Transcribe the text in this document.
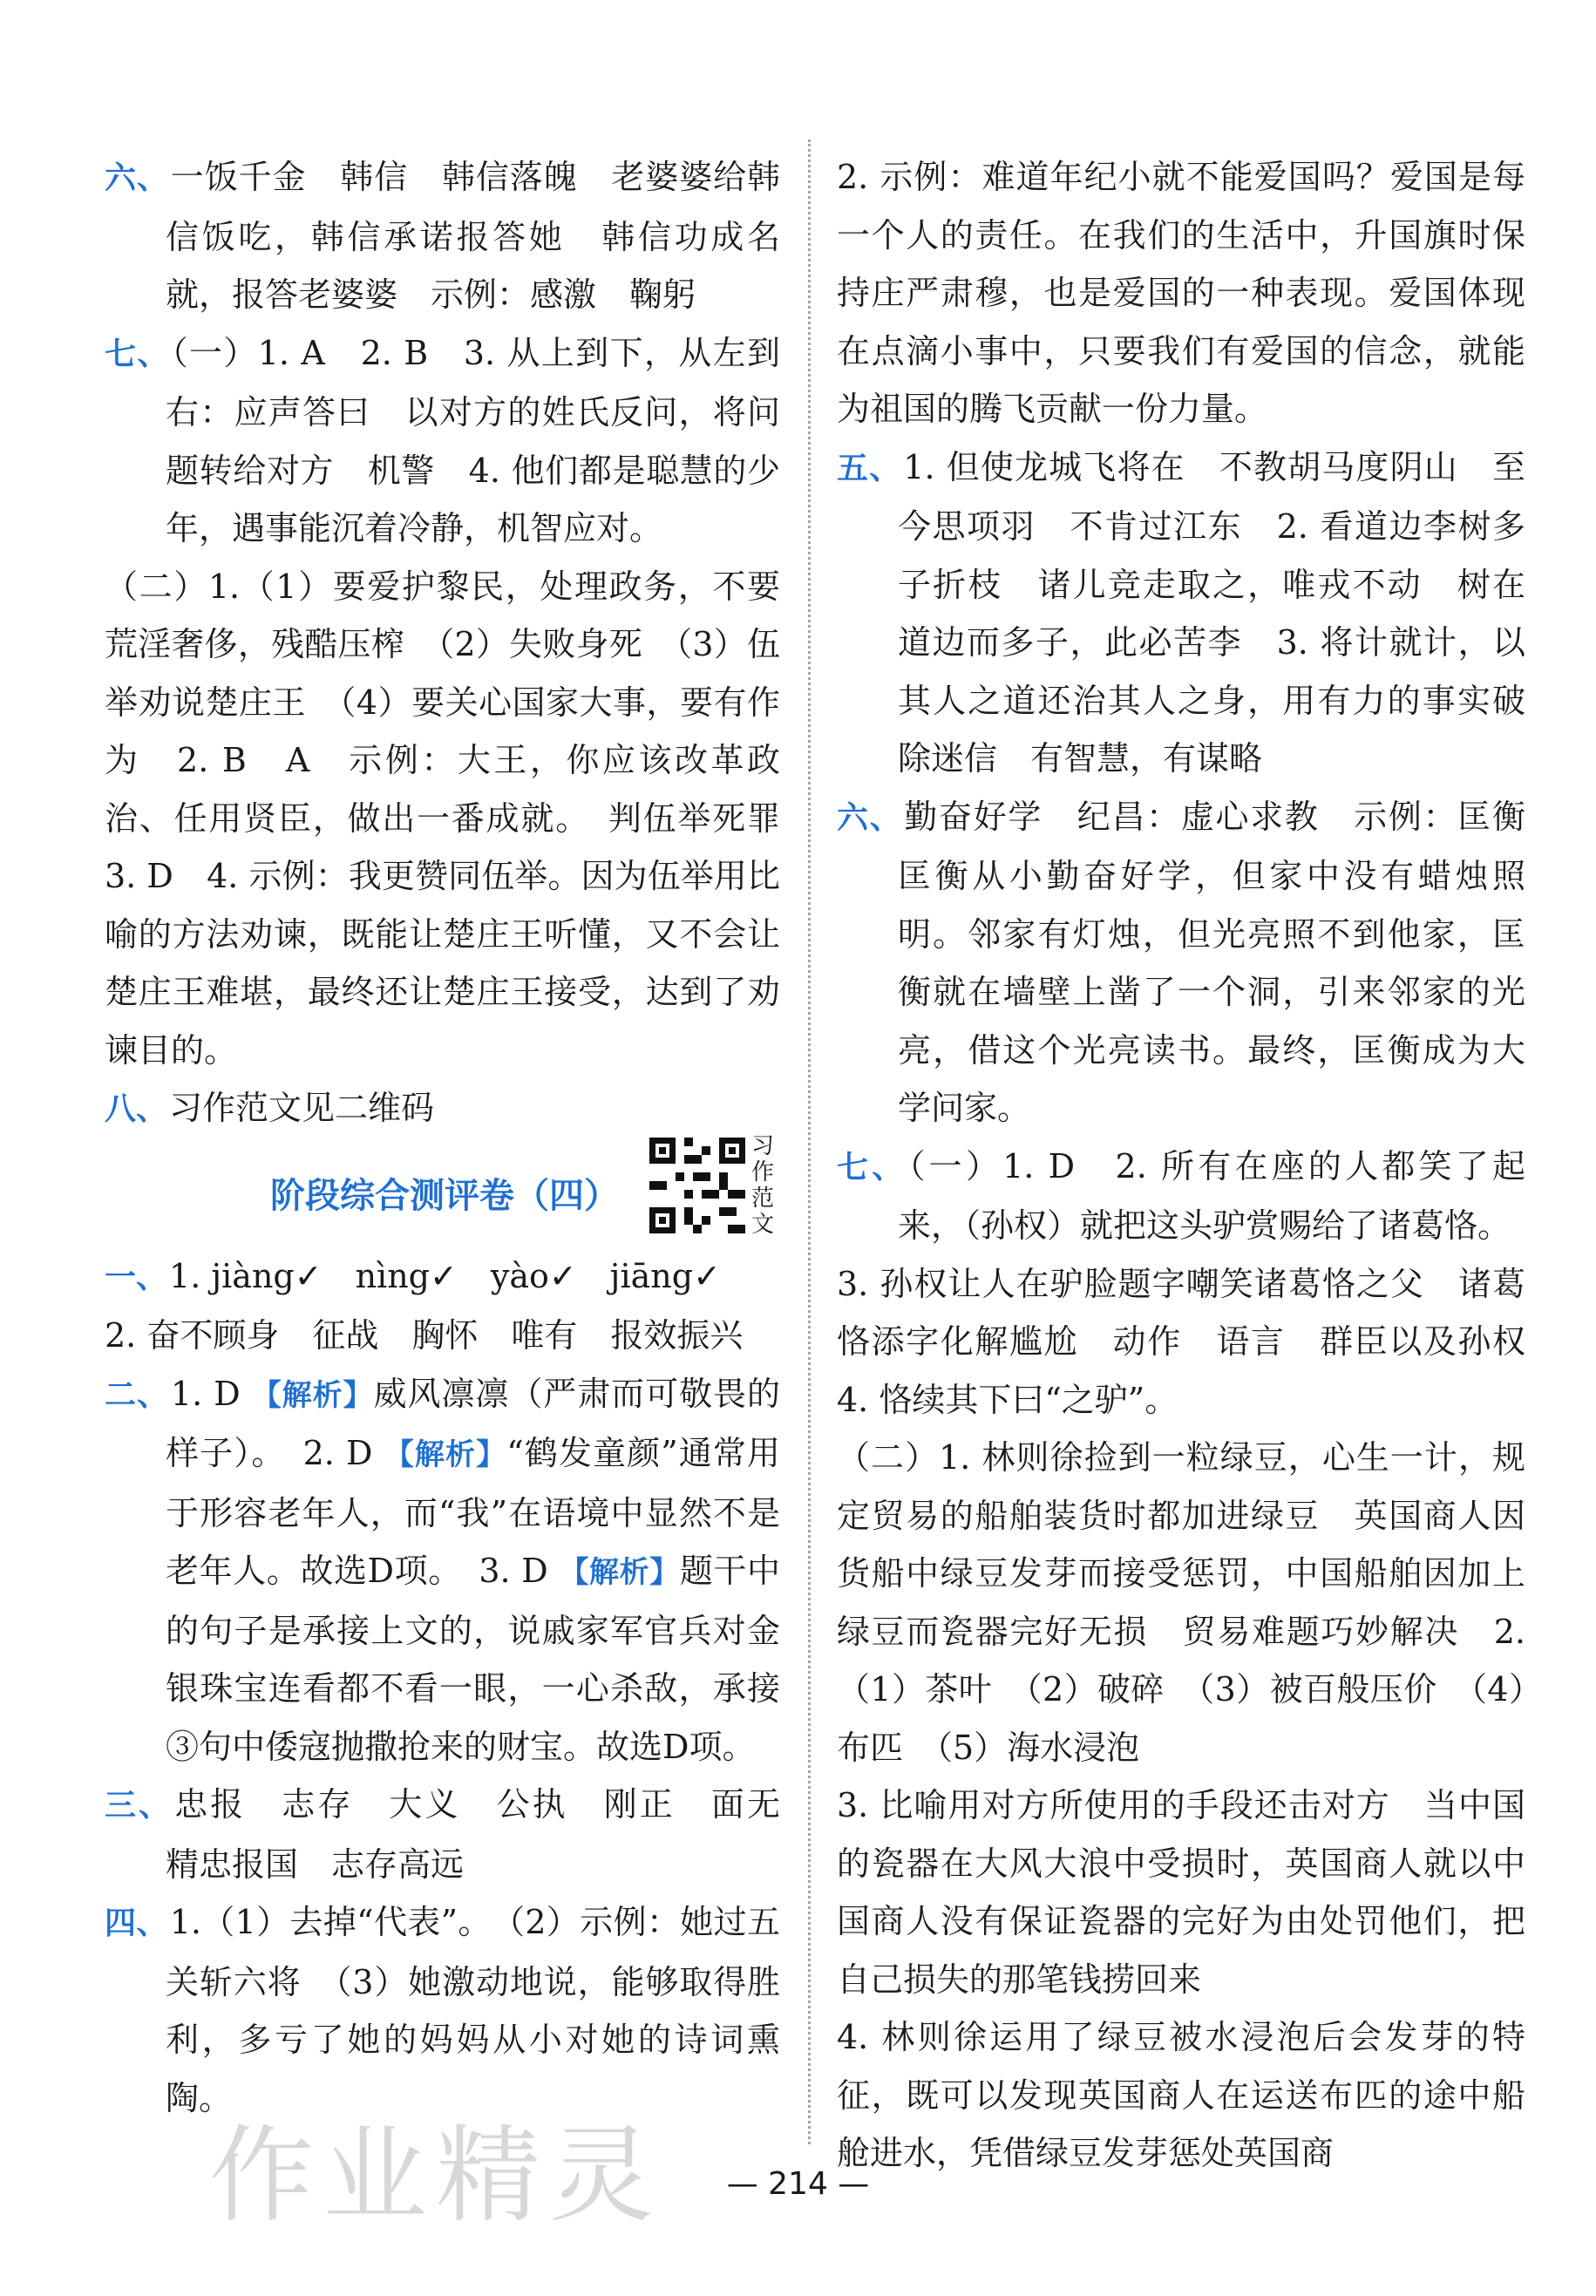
六、一饭千金　韩信　韩信落魄　老婆婆给韩信饭吃，韩信承诺报答她　韩信功成名就，报答老婆婆　示例：感激　鞠躬

七、（一）1. A　2. B　3. 从上到下，从左到右：应声答曰　以对方的姓氏反问，将问题转给对方　机警　4. 他们都是聪慧的少年，遇事能沉着冷静，机智应对。

（二）1.（1）要爱护黎民，处理政务，不要荒淫奢侈，残酷压榨　（2）失败身死　（3）伍举劝说楚庄王　（4）要关心国家大事，要有作为　2. B　A　示例：大王，你应该改革政治、任用贤臣，做出一番成就。　判伍举死罪　3. D　4. 示例：我更赞同伍举。因为伍举用比喻的方法劝谏，既能让楚庄王听懂，又不会让楚庄王难堪，最终还让楚庄王接受，达到了劝谏目的。

八、习作范文见二维码

阶段综合测评卷（四）

一、1. jiàng✓　nìng✓　yào✓　jiāng✓

2. 奋不顾身　征战　胸怀　唯有　报效振兴

二、1. D 【解析】威风凛凛（严肃而可敬畏的样子）。　2. D 【解析】“鹤发童颜”通常用于形容老年人，而“我”在语境中显然不是老年人。故选D项。　3. D 【解析】题干中的句子是承接上文的，说戚家军官兵对金银珠宝连看都不看一眼，一心杀敌，承接③句中倭寇抛撒抢来的财宝。故选D项。

三、忠报　志存　大义　公执　刚正　面无　精忠报国　志存高远

四、1.（1）去掉“代表”。　（2）示例：她过五关斩六将　（3）她激动地说，能够取得胜利，多亏了她的妈妈从小对她的诗词熏陶。

习作范文

2. 示例：难道年纪小就不能爱国吗？爱国是每一个人的责任。在我们的生活中，升国旗时保持庄严肃穆，也是爱国的一种表现。爱国体现在点滴小事中，只要我们有爱国的信念，就能为祖国的腾飞贡献一份力量。

五、1. 但使龙城飞将在　不教胡马度阴山　至今思项羽　不肯过江东　2. 看道边李树多子折枝　诸儿竞走取之，唯戎不动　树在道边而多子，此必苦李　3. 将计就计，以其人之道还治其人之身，用有力的事实破除迷信　有智慧，有谋略

六、勤奋好学　纪昌：虚心求教　示例：匡衡　匡衡从小勤奋好学，但家中没有蜡烛照明。邻家有灯烛，但光亮照不到他家，匡衡就在墙壁上凿了一个洞，引来邻家的光亮，借这个光亮读书。最终，匡衡成为大学问家。

七、（一）1. D　2. 所有在座的人都笑了起来，（孙权）就把这头驴赏赐给了诸葛恪。

3. 孙权让人在驴脸题字嘲笑诸葛恪之父　诸葛恪添字化解尴尬　动作　语言　群臣以及孙权　4. 恪续其下曰“之驴”。

（二）1. 林则徐捡到一粒绿豆，心生一计，规定贸易的船舶装货时都加进绿豆　英国商人因货船中绿豆发芽而接受惩罚，中国船舶因加上绿豆而瓷器完好无损　贸易难题巧妙解决　2.（1）茶叶　（2）破碎　（3）被百般压价　（4）布匹　（5）海水浸泡

3. 比喻用对方所使用的手段还击对方　当中国的瓷器在大风大浪中受损时，英国商人就以中国商人没有保证瓷器的完好为由处罚他们，把自己损失的那笔钱捞回来

4. 林则徐运用了绿豆被水浸泡后会发芽的特征，既可以发现英国商人在运送布匹的途中船舱进水，凭借绿豆发芽惩处英国商

作业精灵	— 214 —
